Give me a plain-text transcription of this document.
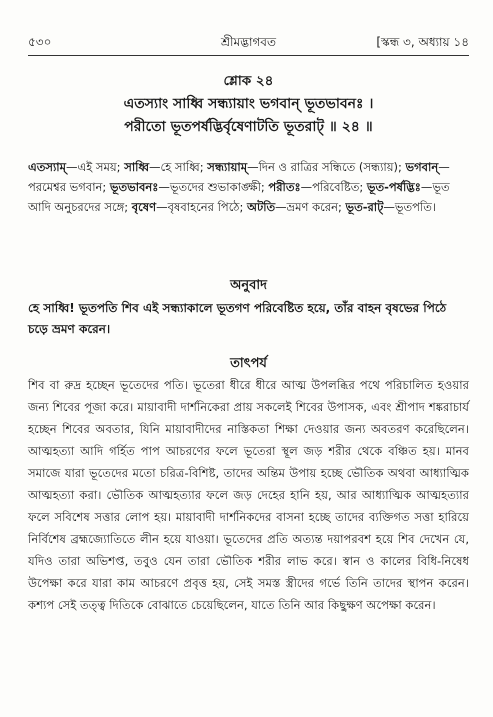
৫৩০	শ্রীমদ্ভাগবত	[স্কন্ধ ৩, অধ্যায় ১৪
শ্লোক ২৪
এতস্যাং সাধ্বি সন্ধ্যায়াং ভগবান্ ভূতভাবনঃ ।
পরীতো ভূতপর্ষদ্ভির্বৃষেণাটতি ভূতরাট্ ॥ ২৪ ॥
এতস্যাম্—এই সময়; সাধ্বি—হে সাধ্বি; সন্ধ্যায়াম্—দিন ও রাত্রির সন্ধিতে (সন্ধ্যায়); ভগবান্—পরমেশ্বর ভগবান; ভূতভাবনঃ—ভূতদের শুভাকাঙ্ক্ষী; পরীতঃ—পরিবেষ্টিত; ভূত-পর্ষদ্ভিঃ—ভূত আদি অনুচরদের সঙ্গে; বৃষেণ—বৃষবাহনের পিঠে; অটতি—ভ্রমণ করেন; ভূত-রাট্—ভূতপতি।
অনুবাদ
হে সাধ্বি! ভূতপতি শিব এই সন্ধ্যাকালে ভূতগণ পরিবেষ্টিত হয়ে, তাঁর বাহন বৃষভের পিঠে চড়ে ভ্রমণ করেন।
তাৎপর্য
শিব বা রুদ্র হচ্ছেন ভূতেদের পতি। ভূতেরা ধীরে ধীরে আত্ম উপলব্ধির পথে পরিচালিত হওয়ার জন্য শিবের পূজা করে। মায়াবাদী দার্শনিকেরা প্রায় সকলেই শিবের উপাসক, এবং শ্রীপাদ শঙ্করাচার্য হচ্ছেন শিবের অবতার, যিনি মায়াবাদীদের নাস্তিকতা শিক্ষা দেওয়ার জন্য অবতরণ করেছিলেন। আত্মহত্যা আদি গর্হিত পাপ আচরণের ফলে ভূতেরা স্থূল জড় শরীর থেকে বঞ্চিত হয়। মানব সমাজে যারা ভূতেদের মতো চরিত্র-বিশিষ্ট, তাদের অন্তিম উপায় হচ্ছে ভৌতিক অথবা আধ্যাত্মিক আত্মহত্যা করা। ভৌতিক আত্মহত্যার ফলে জড় দেহের হানি হয়, আর আধ্যাত্মিক আত্মহত্যার ফলে সবিশেষ সত্তার লোপ হয়। মায়াবাদী দার্শনিকদের বাসনা হচ্ছে তাদের ব্যক্তিগত সত্তা হারিয়ে নির্বিশেষ ব্রহ্মজ্যোতিতে লীন হয়ে যাওয়া। ভূতেদের প্রতি অত্যন্ত দয়াপরবশ হয়ে শিব দেখেন যে, যদিও তারা অভিশপ্ত, তবুও যেন তারা ভৌতিক শরীর লাভ করে। স্বান ও কালের বিধি-নিষেধ উপেক্ষা করে যারা কাম আচরণে প্রবৃত্ত হয়, সেই সমস্ত স্ত্রীদের গর্ভে তিনি তাদের স্থাপন করেন। কশ্যপ সেই তত্ত্ব দিতিকে বোঝাতে চেয়েছিলেন, যাতে তিনি আর কিছুক্ষণ অপেক্ষা করেন।
